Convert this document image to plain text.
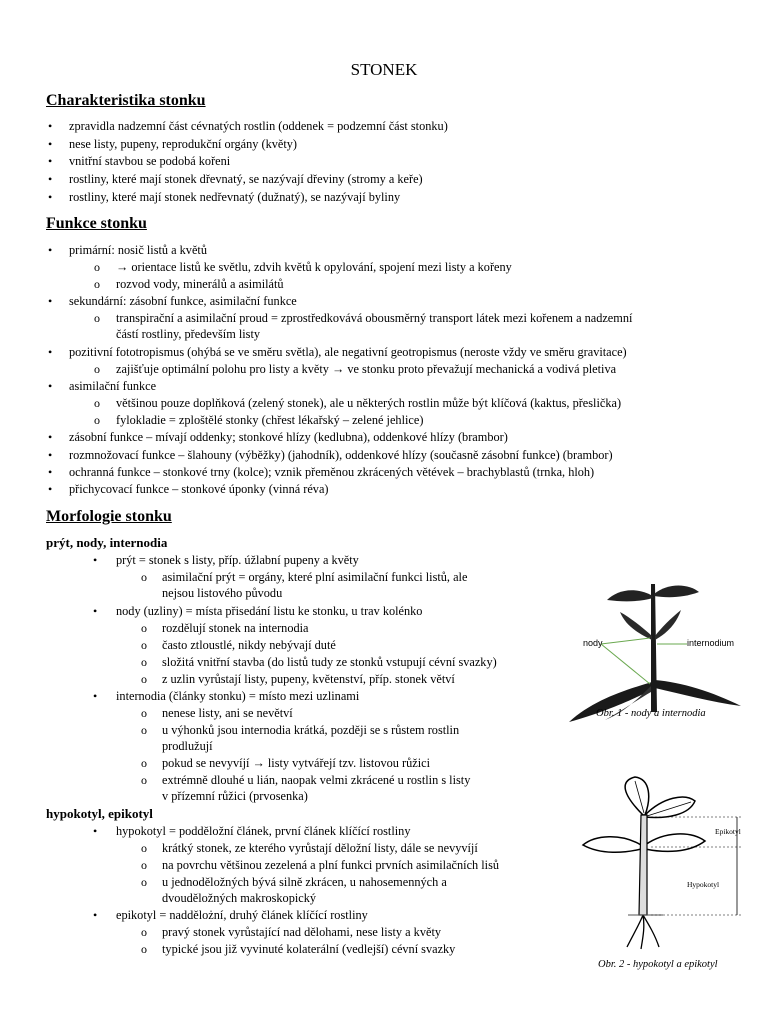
STONEK
Charakteristika stonku
• zpravidla nadzemní část cévnatých rostlin (oddenek = podzemní část stonku)
• nese listy, pupeny, reprodukční orgány (květy)
• vnitřní stavbou se podobá kořeni
• rostliny, které mají stonek dřevnatý, se nazývají dřeviny (stromy a keře)
• rostliny, které mají stonek nedřevnatý (dužnatý), se nazývají byliny
Funkce stonku
• primární: nosič listů a květů
o → orientace listů ke světlu, zdvih květů k opylování, spojení mezi listy a kořeny
o rozvod vody, minerálů a asimilátů
• sekundární: zásobní funkce, asimilační funkce
o transpirační a asimilační proud = zprostředkovává obousměrný transport látek mezi kořenem a nadzemní
částí rostliny, především listy
• pozitivní fototropismus (ohýbá se ve směru světla), ale negativní geotropismus (neroste vždy ve směru gravitace)
o zajišťuje optimální polohu pro listy a květy → ve stonku proto převažují mechanická a vodivá pletiva
• asimilační funkce
o většinou pouze doplňková (zelený stonek), ale u některých rostlin může být klíčová (kaktus, přeslička)
o fylokladie = zploštělé stonky (chřest lékařský – zelené jehlice)
• zásobní funkce – mívají oddenky; stonkové hlízy (kedlubna), oddenkové hlízy (brambor)
• rozmnožovací funkce – šlahouny (výběžky) (jahodník), oddenkové hlízy (současně zásobní funkce) (brambor)
• ochranná funkce – stonkové trny (kolce); vznik přeměnou zkrácených větévek – brachyblastů (trnka, hloh)
• přichycovací funkce – stonkové úponky (vinná réva)
Morfologie stonku
prýt, nody, internodia
• prýt = stonek s listy, příp. úžlabní pupeny a květy
o asimilační prýt = orgány, které plní asimilační funkci listů, ale
nejsou listového původu
• nody (uzliny) = místa přisedání listu ke stonku, u trav kolénko
o rozdělují stonek na internodia
o často ztloustlé, nikdy nebývají duté
o složitá vnitřní stavba (do listů tudy ze stonků vstupují cévní svazky)
o z uzlin vyrůstají listy, pupeny, květenství, příp. stonek větví
• internodia (články stonku) = místo mezi uzlinami
o nenese listy, ani se nevětví
o u výhonků jsou internodia krátká, později se s růstem rostlin
prodlužují
o pokud se nevyvíjí → listy vytvářejí tzv. listovou růžici
o extrémně dlouhé u lián, naopak velmi zkrácené u rostlin s listy
v přízemní růžici (prvosenka)
hypokotyl, epikotyl
• hypokotyl = podděložní článek, první článek klíčící rostliny
o krátký stonek, ze kterého vyrůstají děložní listy, dále se nevyvíjí
o na povrchu většinou zezelená a plní funkci prvních asimilačních lisů
o u jednoděložných bývá silně zkrácen, u nahosemenných a
dvouděložných makroskopický
• epikotyl = naddělożní, druhý článek klíčící rostliny
o pravý stonek vyrůstající nad dělohami, nese listy a květy
o typické jsou již vyvinuté kolaterální (vedlejší) cévní svazky
nody	internodium
Obr. 1 - nody a internodia
Epikotyl
Hypokotyl
Obr. 2 - hypokotyl a epikotyl
